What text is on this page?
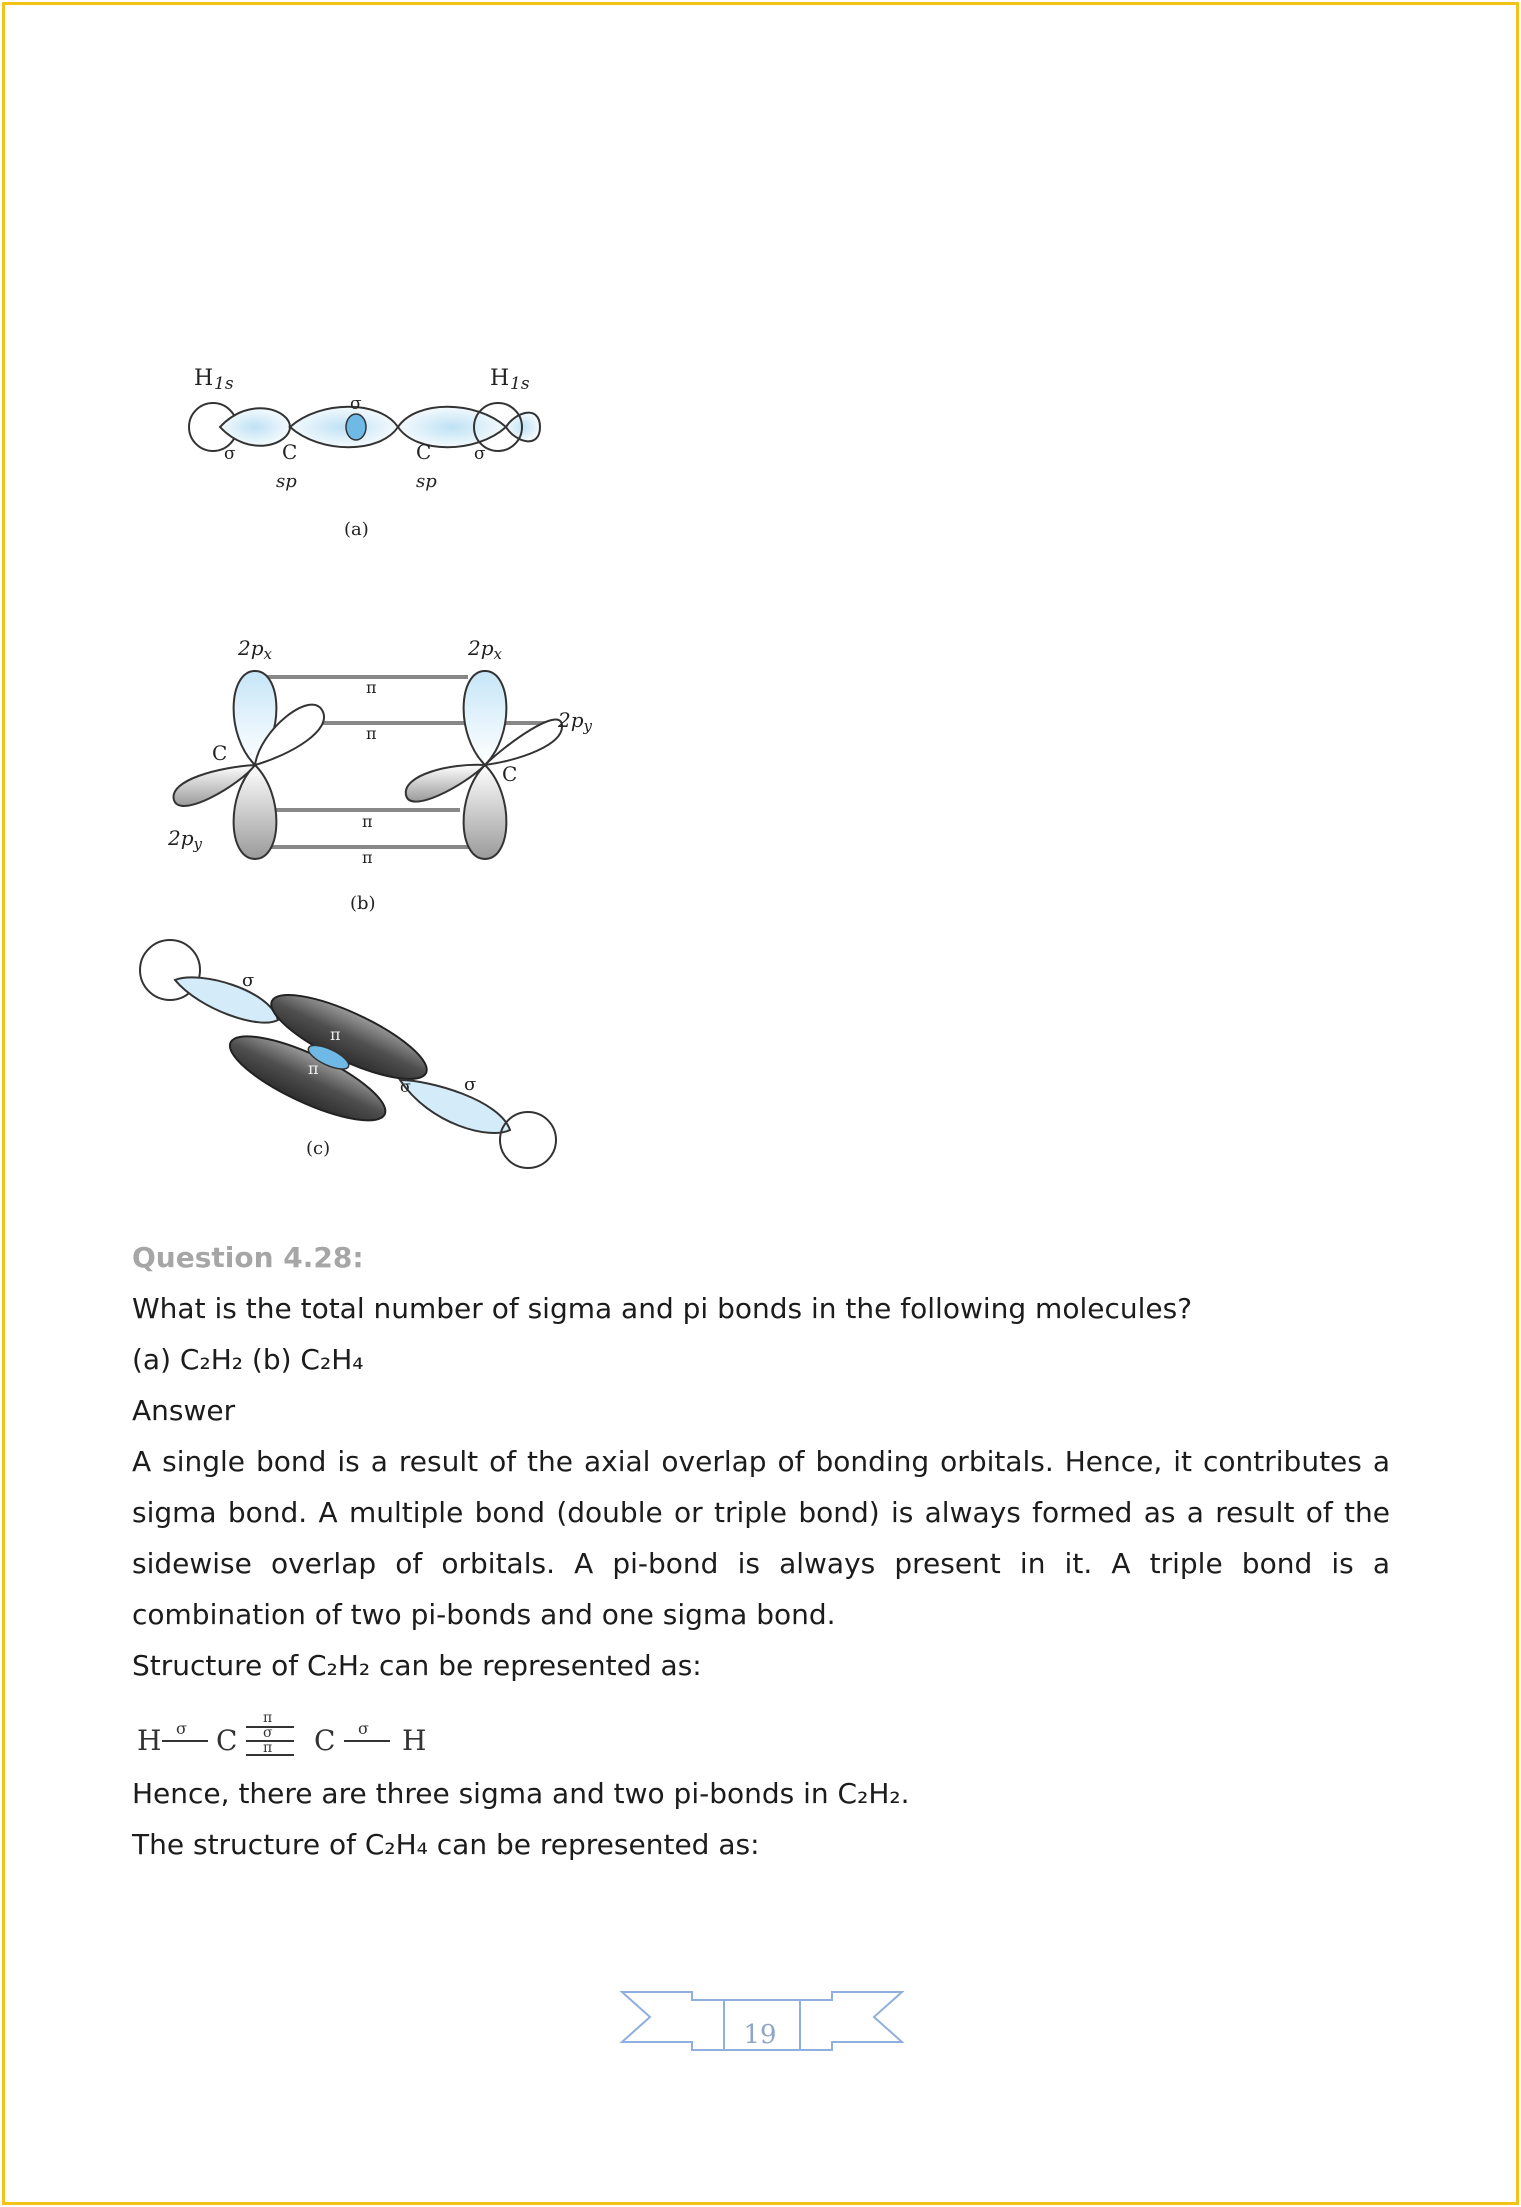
H 1s	H 1s
σ
σ	σ
C	C
sp	sp
(a)
$2p_x$	$2p_x$
$2p_y$
$2p_y$
C
C
π
π
π
π
(b)
σ
π
π
σ	σ
(c)

Question 4.28:

What is the total number of sigma and pi bonds in the following molecules?

(a) C₂H₂ (b) C₂H₄

Answer

A single bond is a result of the axial overlap of bonding orbitals. Hence, it contributes a sigma bond. A multiple bond (double or triple bond) is always formed as a result of the sidewise overlap of orbitals. A pi-bond is always present in it. A triple bond is a combination of two pi-bonds and one sigma bond.

Structure of C₂H₂ can be represented as:

H σ C
π
σ
π C σ H

Hence, there are three sigma and two pi-bonds in C₂H₂.

The structure of C₂H₄ can be represented as:

19
